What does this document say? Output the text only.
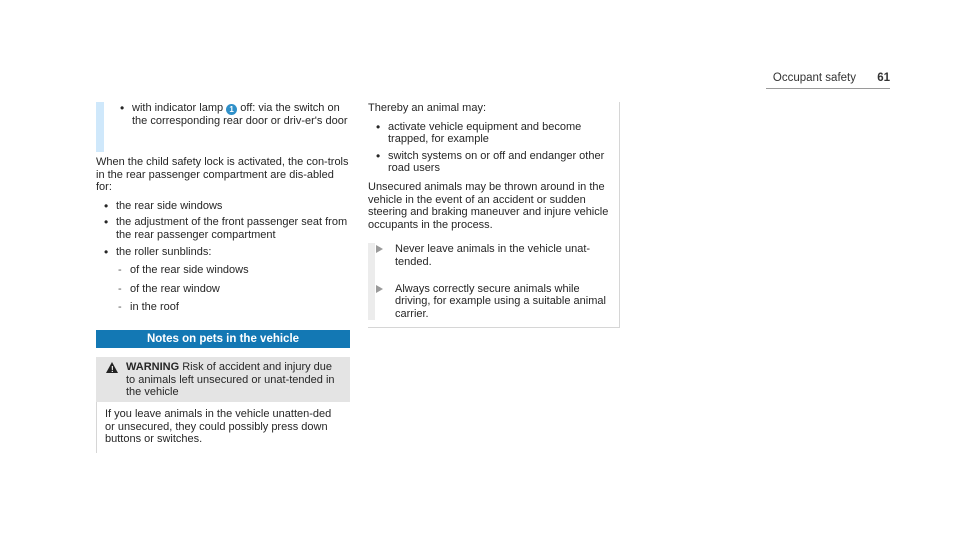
Occupant safety 61

• with indicator lamp 1 off: via the switch on the corresponding rear door or driv-er's door

When the child safety lock is activated, the con-trols in the rear passenger compartment are dis-abled for:

• the rear side windows

• the adjustment of the front passenger seat from the rear passenger compartment

• the roller sunblinds:

- of the rear side windows

- of the rear window

- in the roof

Notes on pets in the vehicle
! WARNING Risk of accident and injury due to animals left unsecured or unat-tended in the vehicle
If you leave animals in the vehicle unatten-ded or unsecured, they could possibly press down buttons or switches.

Thereby an animal may:

• activate vehicle equipment and become trapped, for example

• switch systems on or off and endanger other road users

Unsecured animals may be thrown around in the vehicle in the event of an accident or sudden steering and braking maneuver and injure vehicle occupants in the process.

Never leave animals in the vehicle unat-tended.

Always correctly secure animals while driving, for example using a suitable animal carrier.
